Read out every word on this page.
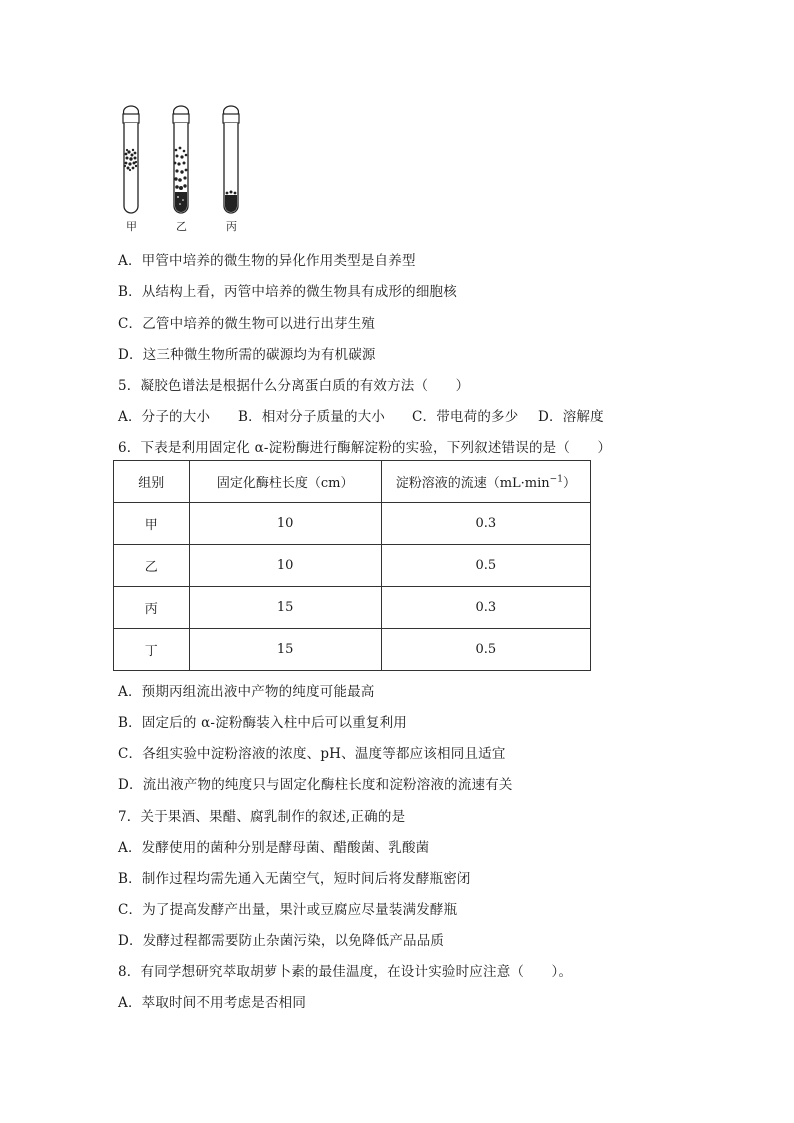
甲	乙	丙
A．甲管中培养的微生物的异化作用类型是自养型
B．从结构上看，丙管中培养的微生物具有成形的细胞核
C．乙管中培养的微生物可以进行出芽生殖
D．这三种微生物所需的碳源均为有机碳源
5．凝胶色谱法是根据什么分离蛋白质的有效方法（　　）
A．分子的大小 B．相对分子质量的大小 C．带电荷的多少 D．溶解度
6．下表是利用固定化 α-淀粉酶进行酶解淀粉的实验，下列叙述错误的是（　　）
组别	固定化酶柱长度（cm）	淀粉溶液的流速$(mL\cdot\min^{-1})$
甲	10	0.3
乙	10	0.5
丙	15	0.3
丁	15	0.5
A．预期丙组流出液中产物的纯度可能最高
B．固定后的 α-淀粉酶装入柱中后可以重复利用
C．各组实验中淀粉溶液的浓度、pH、温度等都应该相同且适宜
D．流出液产物的纯度只与固定化酶柱长度和淀粉溶液的流速有关
7．关于果酒、果醋、腐乳制作的叙述,正确的是
A．发酵使用的菌种分别是酵母菌、醋酸菌、乳酸菌
B．制作过程均需先通入无菌空气，短时间后将发酵瓶密闭
C．为了提高发酵产出量，果汁或豆腐应尽量装满发酵瓶
D．发酵过程都需要防止杂菌污染，以免降低产品品质
8．有同学想研究萃取胡萝卜素的最佳温度，在设计实验时应注意（　　）。
A．萃取时间不用考虑是否相同
